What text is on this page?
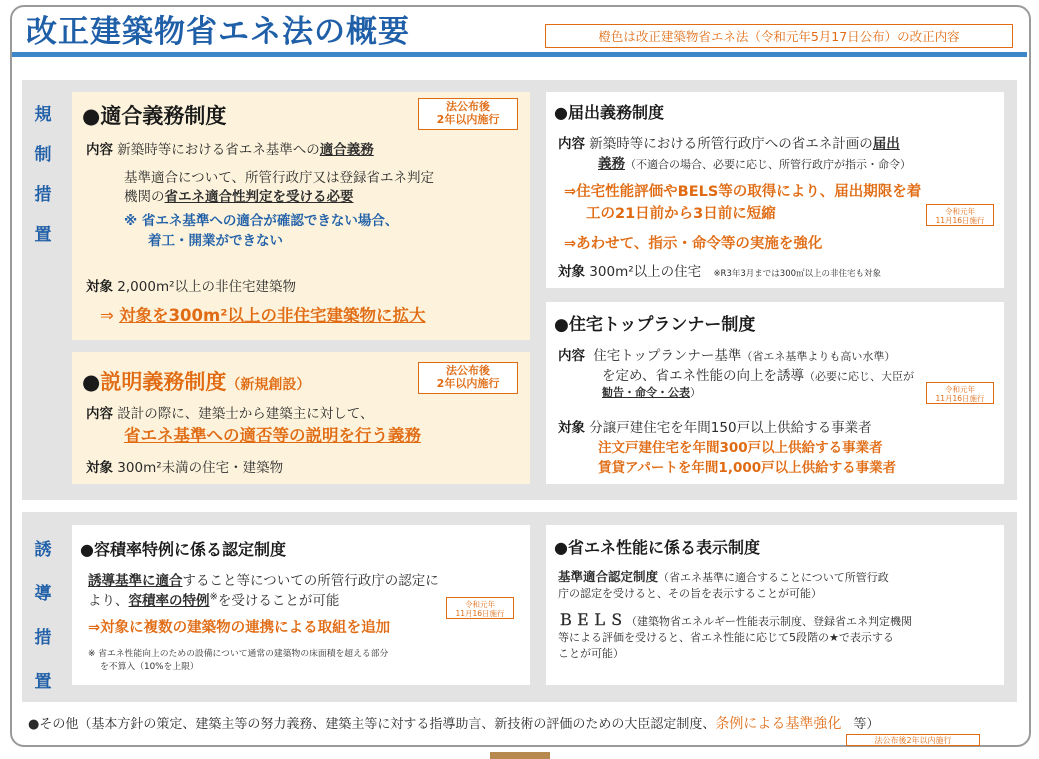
改正建築物省エネ法の概要	橙色は改正建築物省エネ法（令和元年5月17日公布）の改正内容
規
制
措
置
●適合義務制度	法公布後
2年以内施行
内容 新築時等における省エネ基準への適合義務
基準適合について、所管行政庁又は登録省エネ判定
機関の省エネ適合性判定を受ける必要
※ 省エネ基準への適合が確認できない場合、
着工・開業ができない
対象 2,000m²以上の非住宅建築物
⇒ 対象を300m²以上の非住宅建築物に拡大
●説明義務制度（新規創設）
法公布後
2年以内施行
内容 設計の際に、建築士から建築主に対して、
省エネ基準への適否等の説明を行う義務
対象 300m²未満の住宅・建築物
●届出義務制度
内容 新築時等における所管行政庁への省エネ計画の届出
義務（不適合の場合、必要に応じ、所管行政庁が指示・命令）
⇒住宅性能評価やBELS等の取得により、届出期限を着
工の21日前から3日前に短縮	令和元年
11月16日施行
⇒あわせて、指示・命令等の実施を強化
対象 300m²以上の住宅 ※R3年3月までは300㎡以上の非住宅も対象
●住宅トップランナー制度
内容 住宅トップランナー基準（省エネ基準よりも高い水準）
を定め、省エネ性能の向上を誘導（必要に応じ、大臣が
勧告・命令・公表）	令和元年
11月16日施行
対象 分譲戸建住宅を年間150戸以上供給する事業者
注文戸建住宅を年間300戸以上供給する事業者
賃貸アパートを年間1,000戸以上供給する事業者
誘
導
措
置
●容積率特例に係る認定制度
誘導基準に適合すること等についての所管行政庁の認定に
より、容積率の特例※を受けることが可能	令和元年
11月16日施行
⇒対象に複数の建築物の連携による取組を追加
※ 省エネ性能向上のための設備について通常の建築物の床面積を超える部分
を不算入（10%を上限）
●省エネ性能に係る表示制度
基準適合認定制度（省エネ基準に適合することについて所管行政
庁の認定を受けると、その旨を表示することが可能）
ＢＥＬＳ（建築物省エネルギー性能表示制度、登録省エネ判定機関
等による評価を受けると、省エネ性能に応じて5段階の★で表示する
ことが可能）
●その他（基本方針の策定、建築主等の努力義務、建築主等に対する指導助言、新技術の評価のための大臣認定制度、条例による基準強化 等）
法公布後2年以内施行
